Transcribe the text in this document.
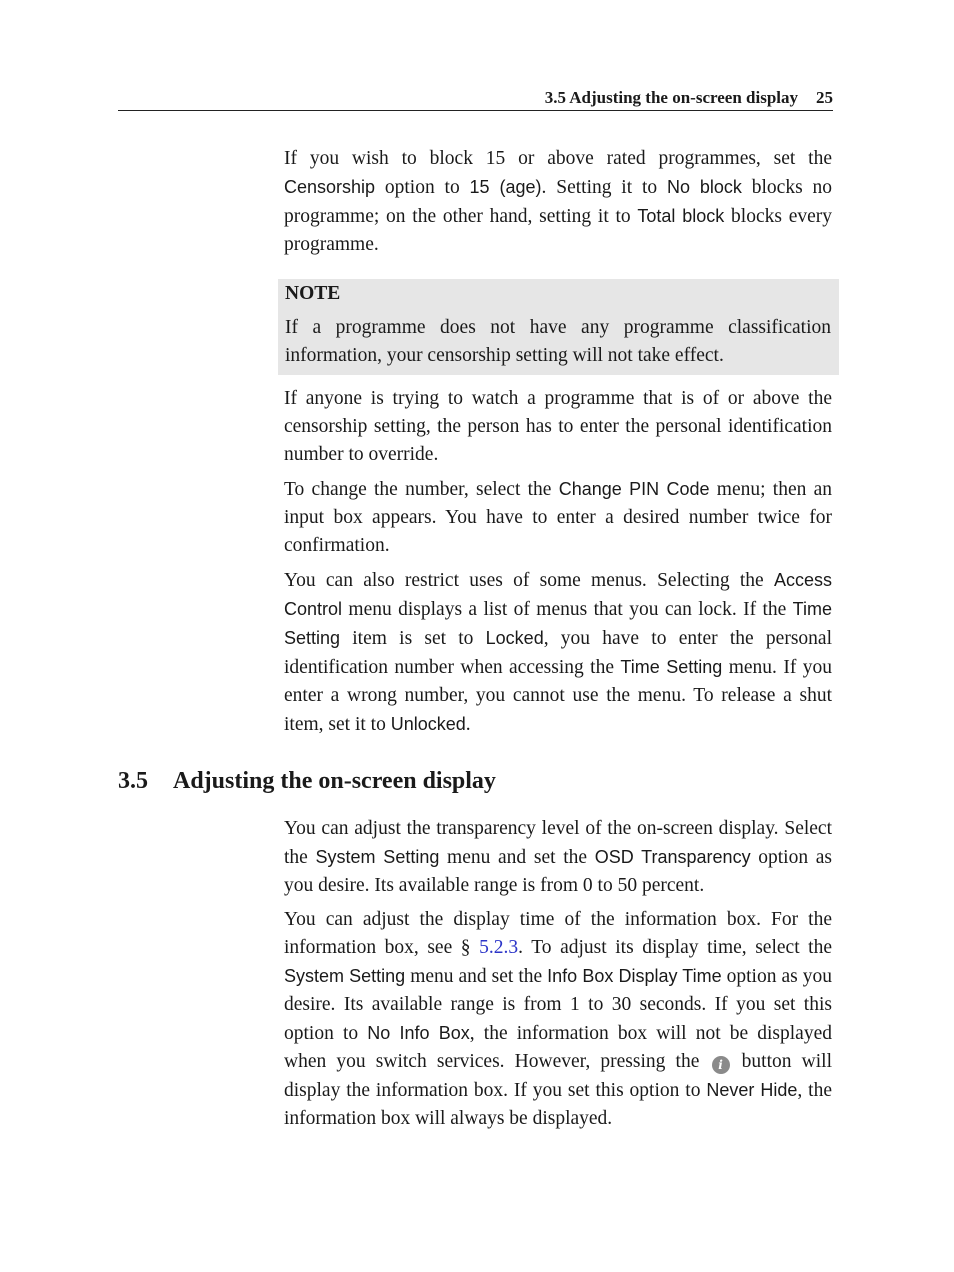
3.5 Adjusting the on-screen display 25

If you wish to block 15 or above rated programmes, set the Censorship option to 15 (age). Setting it to No block blocks no programme; on the other hand, setting it to Total block blocks every programme.

NOTE
If a programme does not have any programme classification information, your censorship setting will not take effect.

If anyone is trying to watch a programme that is of or above the censorship setting, the person has to enter the personal identification number to override.

To change the number, select the Change PIN Code menu; then an input box appears. You have to enter a desired number twice for confirmation.

You can also restrict uses of some menus. Selecting the Access Control menu displays a list of menus that you can lock. If the Time Setting item is set to Locked, you have to enter the personal identification number when accessing the Time Setting menu. If you enter a wrong number, you cannot use the menu. To release a shut item, set it to Unlocked.

3.5 Adjusting the on-screen display

You can adjust the transparency level of the on-screen display. Select the System Setting menu and set the OSD Transparency option as you desire. Its available range is from 0 to 50 percent.

You can adjust the display time of the information box. For the information box, see § 5.2.3. To adjust its display time, select the System Setting menu and set the Info Box Display Time option as you desire. Its available range is from 1 to 30 seconds. If you set this option to No Info Box, the information box will not be displayed when you switch services. However, pressing the i button will display the information box. If you set this option to Never Hide, the information box will always be displayed.
